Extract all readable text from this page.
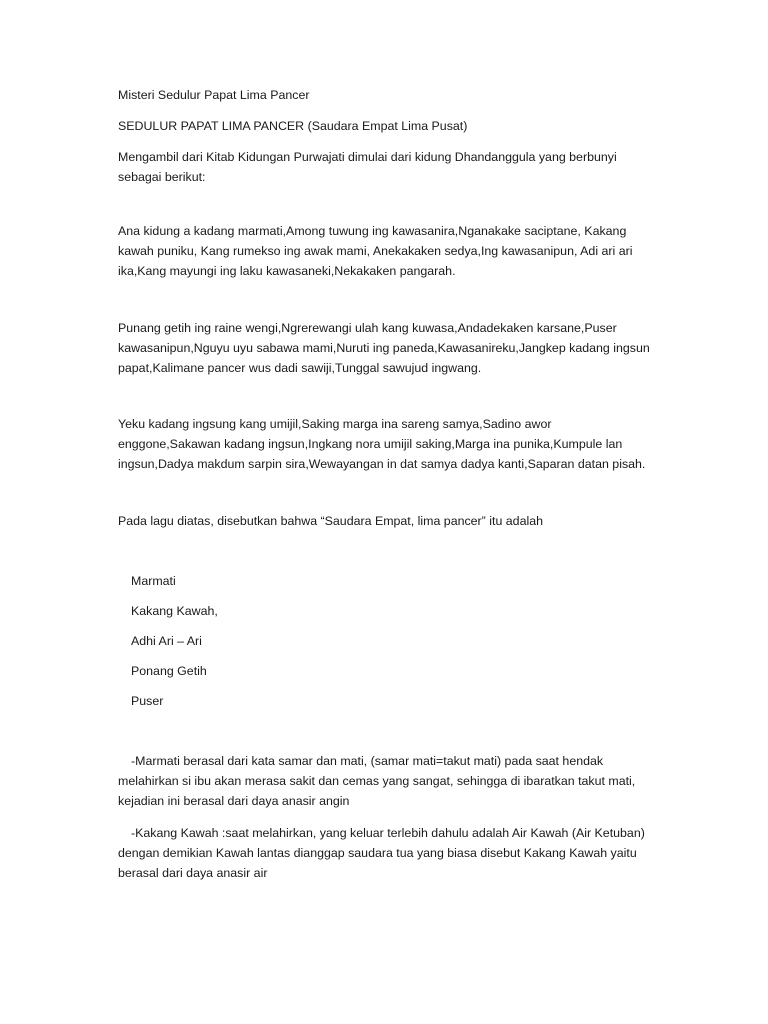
Misteri Sedulur Papat Lima Pancer

SEDULUR PAPAT LIMA PANCER (Saudara Empat Lima Pusat)

Mengambil dari Kitab Kidungan Purwajati dimulai dari kidung Dhandanggula yang berbunyi sebagai berikut:

Ana kidung a kadang marmati,Among tuwung ing kawasanira,Nganakake saciptane, Kakang kawah puniku, Kang rumekso ing awak mami, Anekakaken sedya,Ing kawasanipun, Adi ari ari ika,Kang mayungi ing laku kawasaneki,Nekakaken pangarah.

Punang getih ing raine wengi,Ngrerewangi ulah kang kuwasa,Andadekaken karsane,Puser kawasanipun,Nguyu uyu sabawa mami,Nuruti ing paneda,Kawasanireku,Jangkep kadang ingsun papat,Kalimane pancer wus dadi sawiji,Tunggal sawujud ingwang.

Yeku kadang ingsung kang umijil,Saking marga ina sareng samya,Sadino awor enggone,Sakawan kadang ingsun,Ingkang nora umijil saking,Marga ina punika,Kumpule lan ingsun,Dadya makdum sarpin sira,Wewayangan in dat samya dadya kanti,Saparan datan pisah.

Pada lagu diatas, disebutkan bahwa “Saudara Empat, lima pancer” itu adalah

Marmati

Kakang Kawah,

Adhi Ari – Ari

Ponang Getih

Puser

-Marmati berasal dari kata samar dan mati, (samar mati=takut mati) pada saat hendak melahirkan si ibu akan merasa sakit dan cemas yang sangat, sehingga di ibaratkan takut mati, kejadian ini berasal dari daya anasir angin

-Kakang Kawah :saat melahirkan, yang keluar terlebih dahulu adalah Air Kawah (Air Ketuban) dengan demikian Kawah lantas dianggap saudara tua yang biasa disebut Kakang Kawah yaitu berasal dari daya anasir air
